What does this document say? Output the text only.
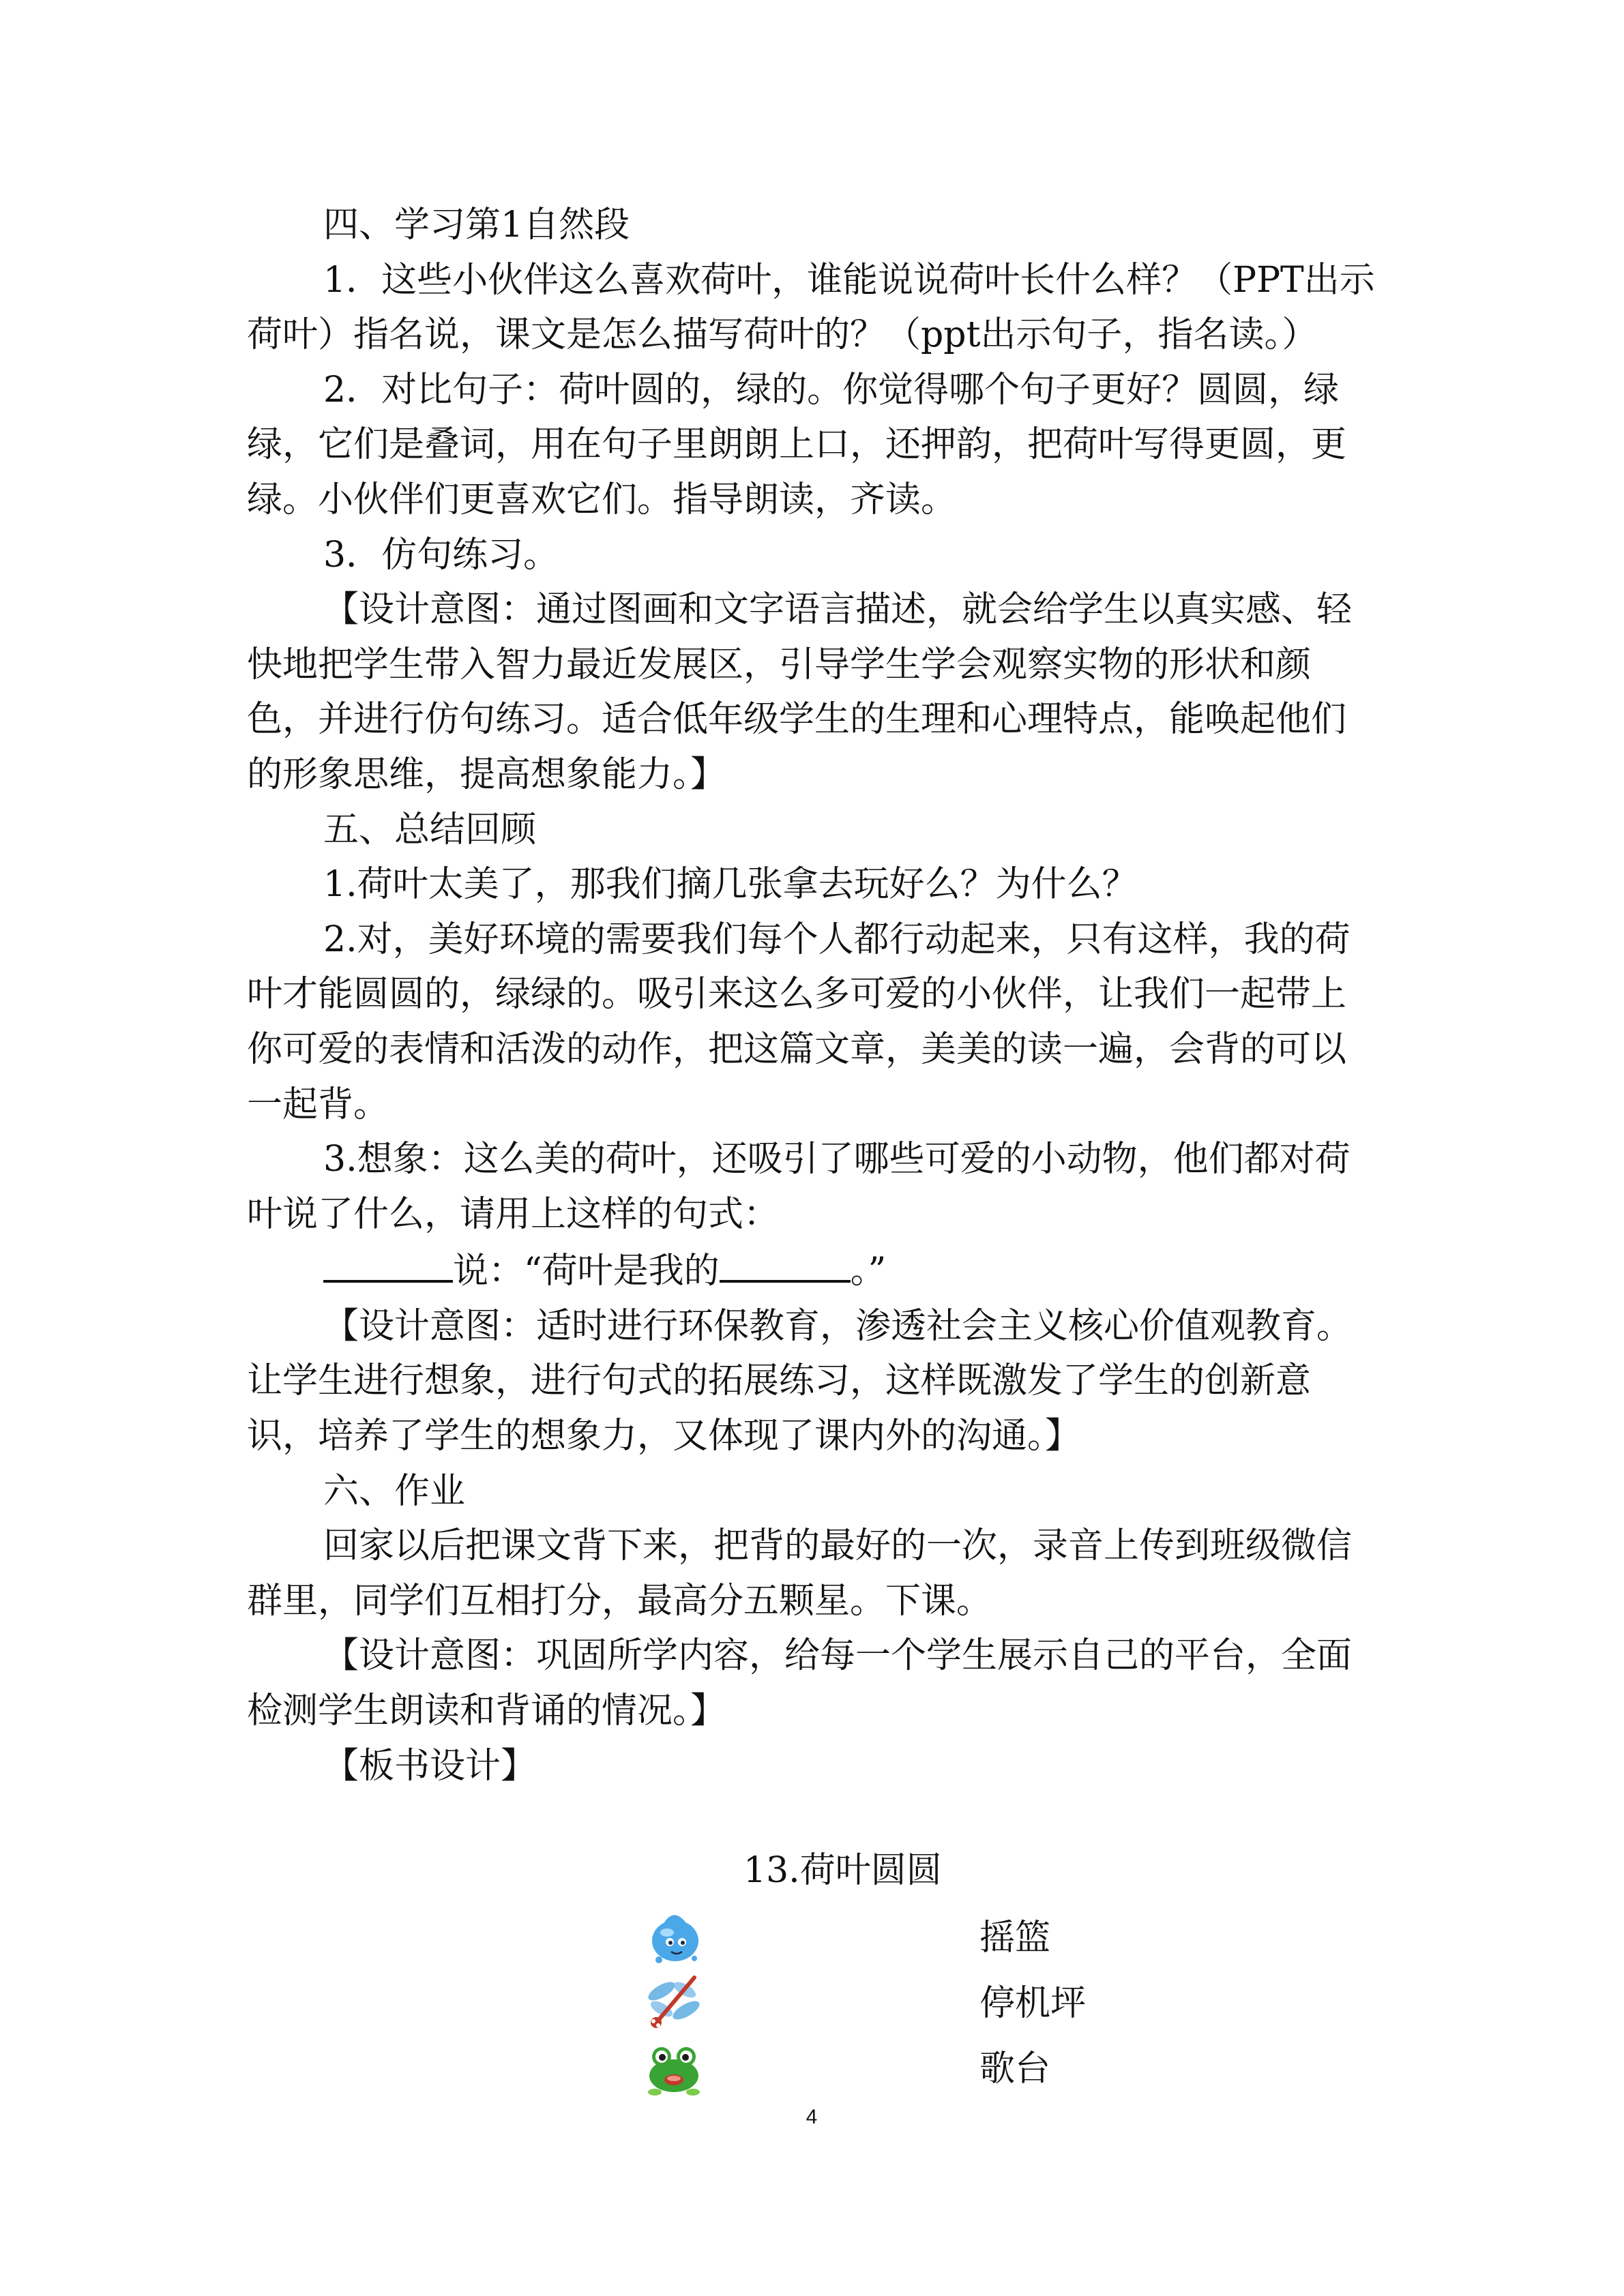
四、学习第1自然段

1．这些小伙伴这么喜欢荷叶，谁能说说荷叶长什么样？（PPT出示荷叶）指名说，课文是怎么描写荷叶的？（ppt出示句子，指名读。）

2．对比句子：荷叶圆的，绿的。你觉得哪个句子更好？圆圆，绿绿，它们是叠词，用在句子里朗朗上口，还押韵，把荷叶写得更圆，更绿。小伙伴们更喜欢它们。指导朗读，齐读。

3．仿句练习。

【设计意图：通过图画和文字语言描述，就会给学生以真实感、轻快地把学生带入智力最近发展区，引导学生学会观察实物的形状和颜色，并进行仿句练习。适合低年级学生的生理和心理特点，能唤起他们的形象思维，提高想象能力。】

五、总结回顾

1.荷叶太美了，那我们摘几张拿去玩好么？为什么？

2.对，美好环境的需要我们每个人都行动起来，只有这样，我的荷叶才能圆圆的，绿绿的。吸引来这么多可爱的小伙伴，让我们一起带上你可爱的表情和活泼的动作，把这篇文章，美美的读一遍，会背的可以一起背。

3.想象：这么美的荷叶，还吸引了哪些可爱的小动物，他们都对荷叶说了什么，请用上这样的句式：

说：“荷叶是我的	。”

【设计意图：适时进行环保教育，渗透社会主义核心价值观教育。让学生进行想象，进行句式的拓展练习，这样既激发了学生的创新意识，培养了学生的想象力，又体现了课内外的沟通。】

六、作业

回家以后把课文背下来，把背的最好的一次，录音上传到班级微信群里，同学们互相打分，最高分五颗星。下课。

【设计意图：巩固所学内容，给每一个学生展示自己的平台，全面检测学生朗读和背诵的情况。】

【板书设计】

13.荷叶圆圆
摇篮
停机坪
歌台
4
